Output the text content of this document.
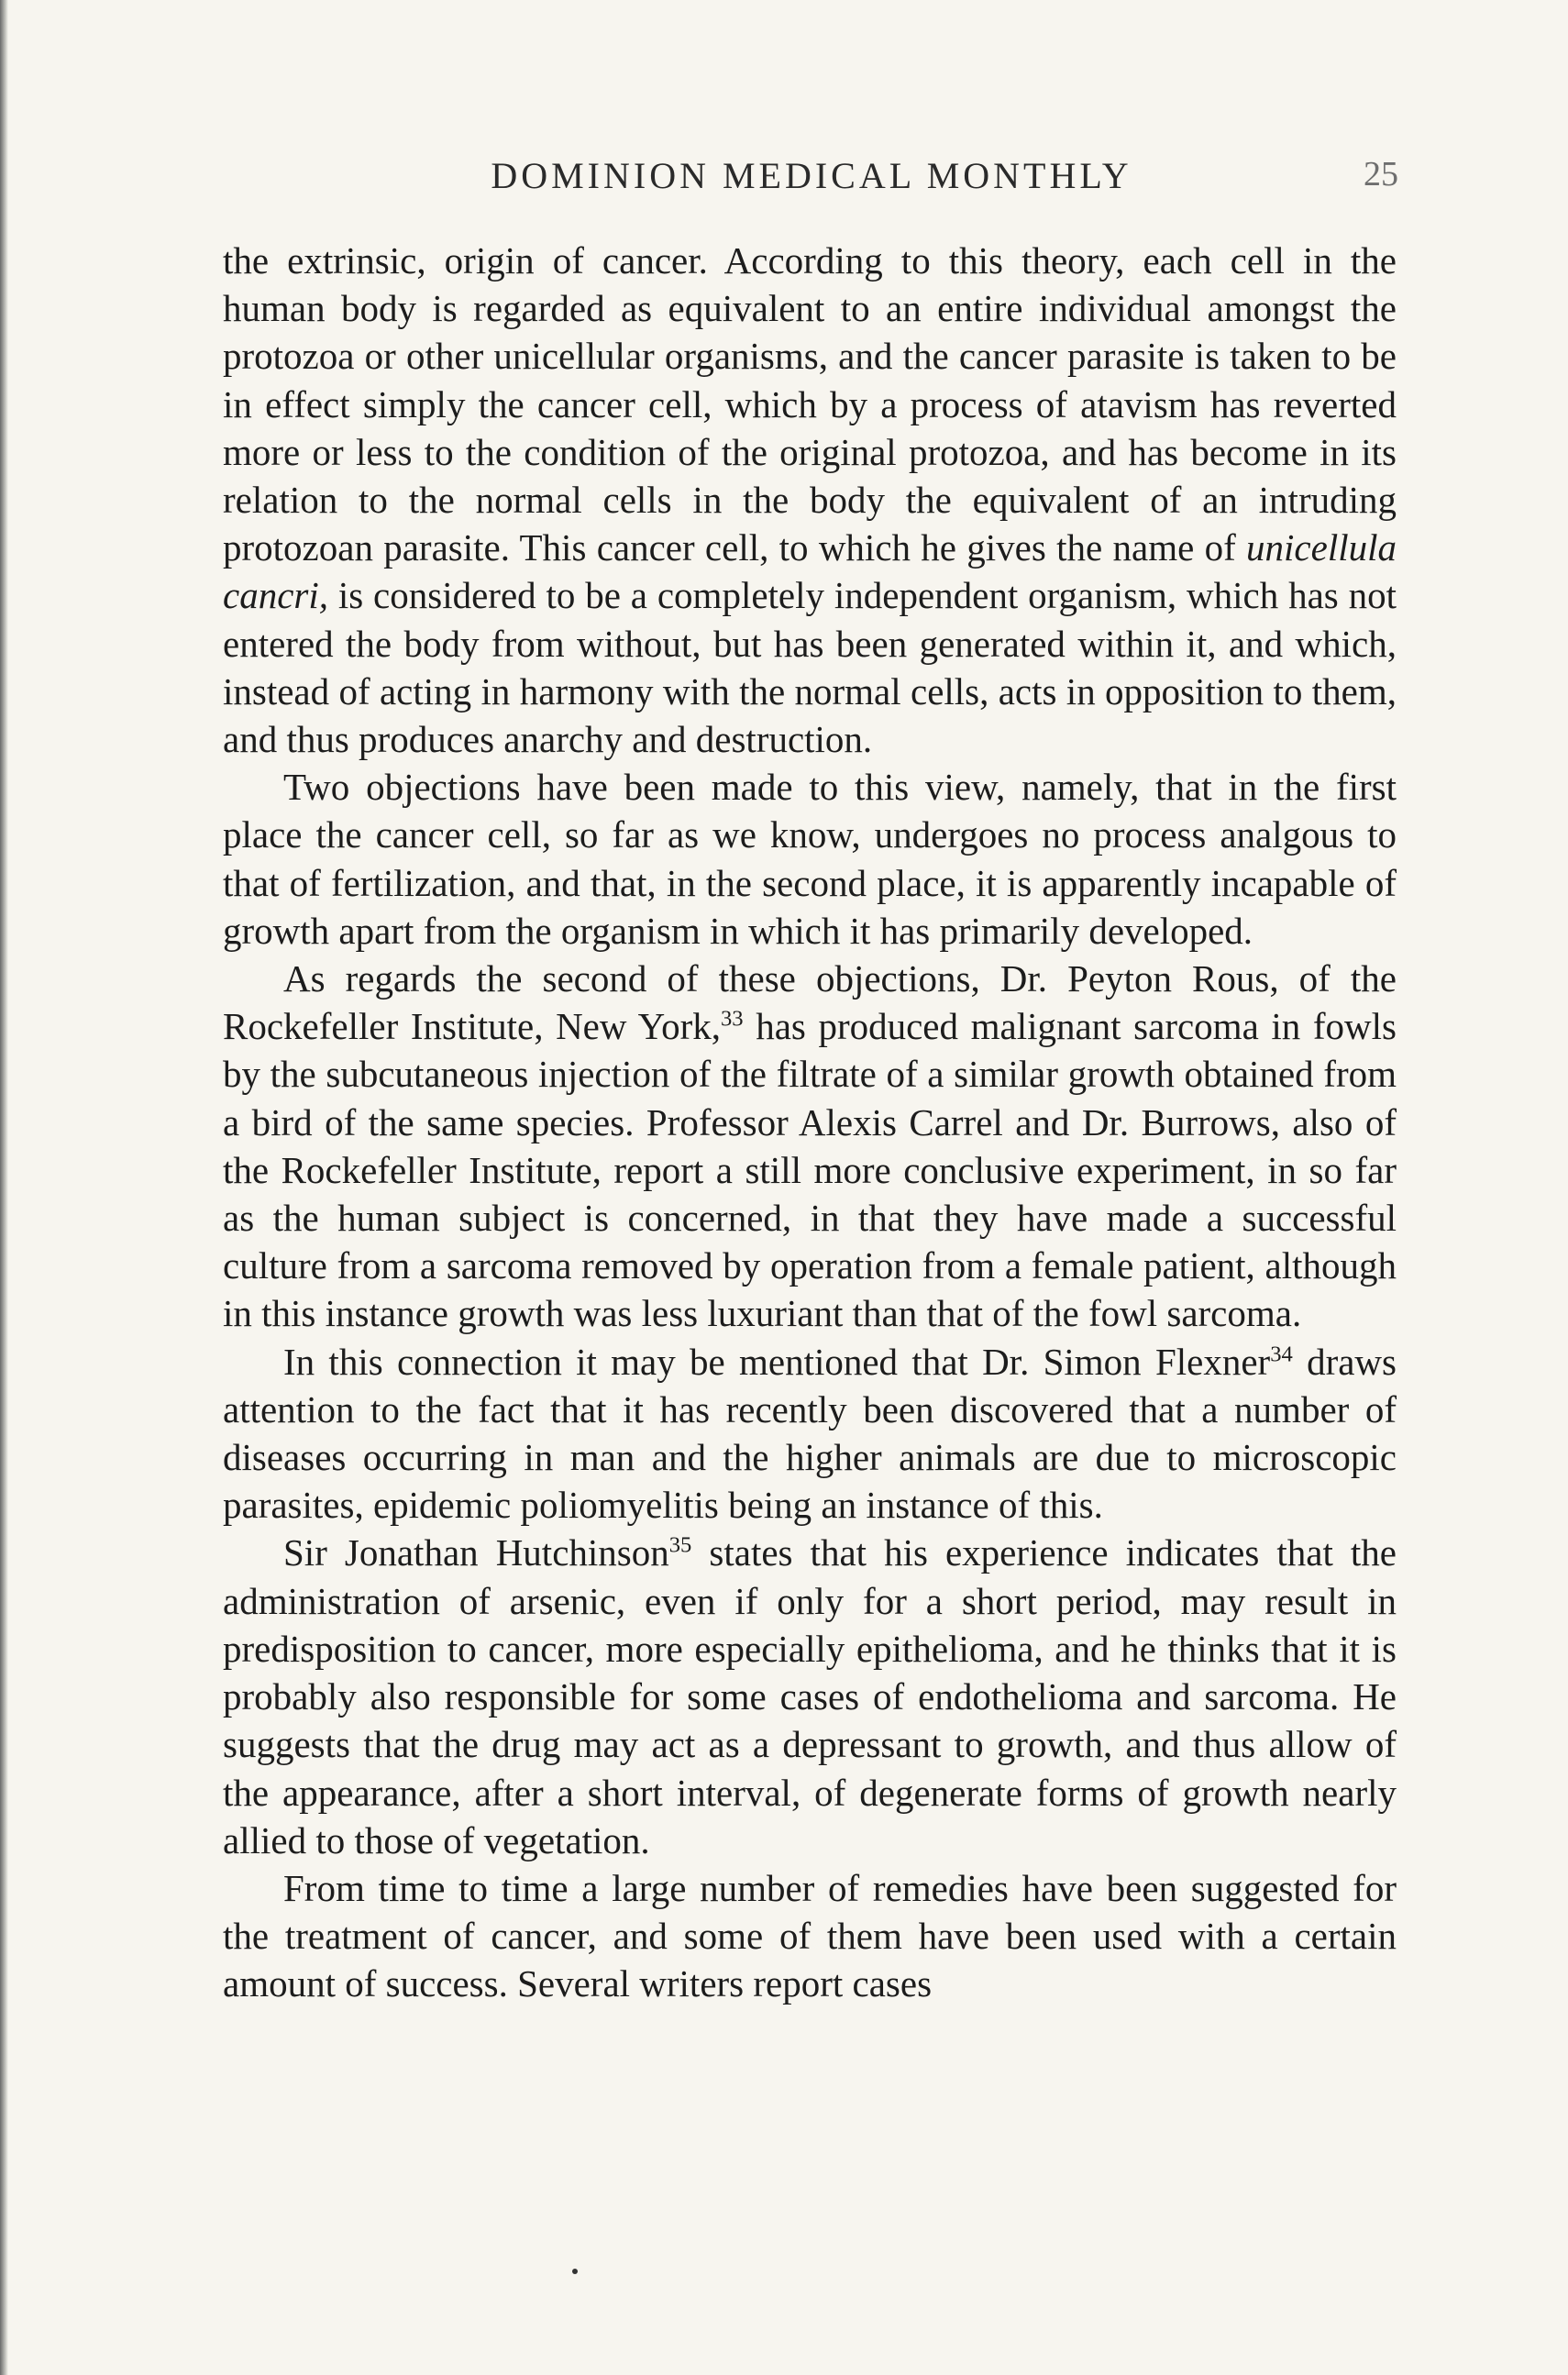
DOMINION MEDICAL MONTHLY	25

the extrinsic, origin of cancer. According to this theory, each cell in the human body is regarded as equivalent to an entire individual amongst the protozoa or other unicellular organisms, and the cancer parasite is taken to be in effect simply the cancer cell, which by a process of atavism has reverted more or less to the condition of the original protozoa, and has become in its relation to the normal cells in the body the equivalent of an intruding protozoan parasite. This cancer cell, to which he gives the name of unicellula cancri, is considered to be a completely independent organism, which has not entered the body from without, but has been generated within it, and which, instead of acting in harmony with the normal cells, acts in opposition to them, and thus produces anarchy and destruction.

Two objections have been made to this view, namely, that in the first place the cancer cell, so far as we know, undergoes no process analgous to that of fertilization, and that, in the second place, it is apparently incapable of growth apart from the organism in which it has primarily developed.

As regards the second of these objections, Dr. Peyton Rous, of the Rockefeller Institute, New York,$^{33}$ has produced malignant sarcoma in fowls by the subcutaneous injection of the filtrate of a similar growth obtained from a bird of the same species. Professor Alexis Carrel and Dr. Burrows, also of the Rockefeller Institute, report a still more conclusive experiment, in so far as the human subject is concerned, in that they have made a successful culture from a sarcoma removed by operation from a female patient, although in this instance growth was less luxuriant than that of the fowl sarcoma.

In this connection it may be mentioned that Dr. Simon Flexner$^{34}$ draws attention to the fact that it has recently been discovered that a number of diseases occurring in man and the higher animals are due to microscopic parasites, epidemic poliomyelitis being an instance of this.

Sir Jonathan Hutchinson$^{35}$ states that his experience indicates that the administration of arsenic, even if only for a short period, may result in predisposition to cancer, more especially epithelioma, and he thinks that it is probably also responsible for some cases of endothelioma and sarcoma. He suggests that the drug may act as a depressant to growth, and thus allow of the appearance, after a short interval, of degenerate forms of growth nearly allied to those of vegetation.

From time to time a large number of remedies have been suggested for the treatment of cancer, and some of them have been used with a certain amount of success. Several writers report cases
